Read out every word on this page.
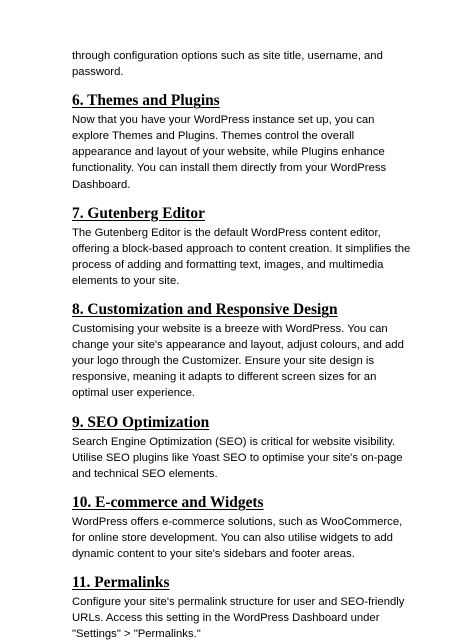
through configuration options such as site title, username, and password.

6. Themes and Plugins

Now that you have your WordPress instance set up, you can explore Themes and Plugins. Themes control the overall appearance and layout of your website, while Plugins enhance functionality. You can install them directly from your WordPress Dashboard.

7. Gutenberg Editor

The Gutenberg Editor is the default WordPress content editor, offering a block-based approach to content creation. It simplifies the process of adding and formatting text, images, and multimedia elements to your site.

8. Customization and Responsive Design

Customising your website is a breeze with WordPress. You can change your site's appearance and layout, adjust colours, and add your logo through the Customizer. Ensure your site design is responsive, meaning it adapts to different screen sizes for an optimal user experience.

9. SEO Optimization

Search Engine Optimization (SEO) is critical for website visibility. Utilise SEO plugins like Yoast SEO to optimise your site's on-page and technical SEO elements.

10. E-commerce and Widgets

WordPress offers e-commerce solutions, such as WooCommerce, for online store development. You can also utilise widgets to add dynamic content to your site's sidebars and footer areas.

11. Permalinks

Configure your site's permalink structure for user and SEO-friendly URLs. Access this setting in the WordPress Dashboard under "Settings" > "Permalinks."
